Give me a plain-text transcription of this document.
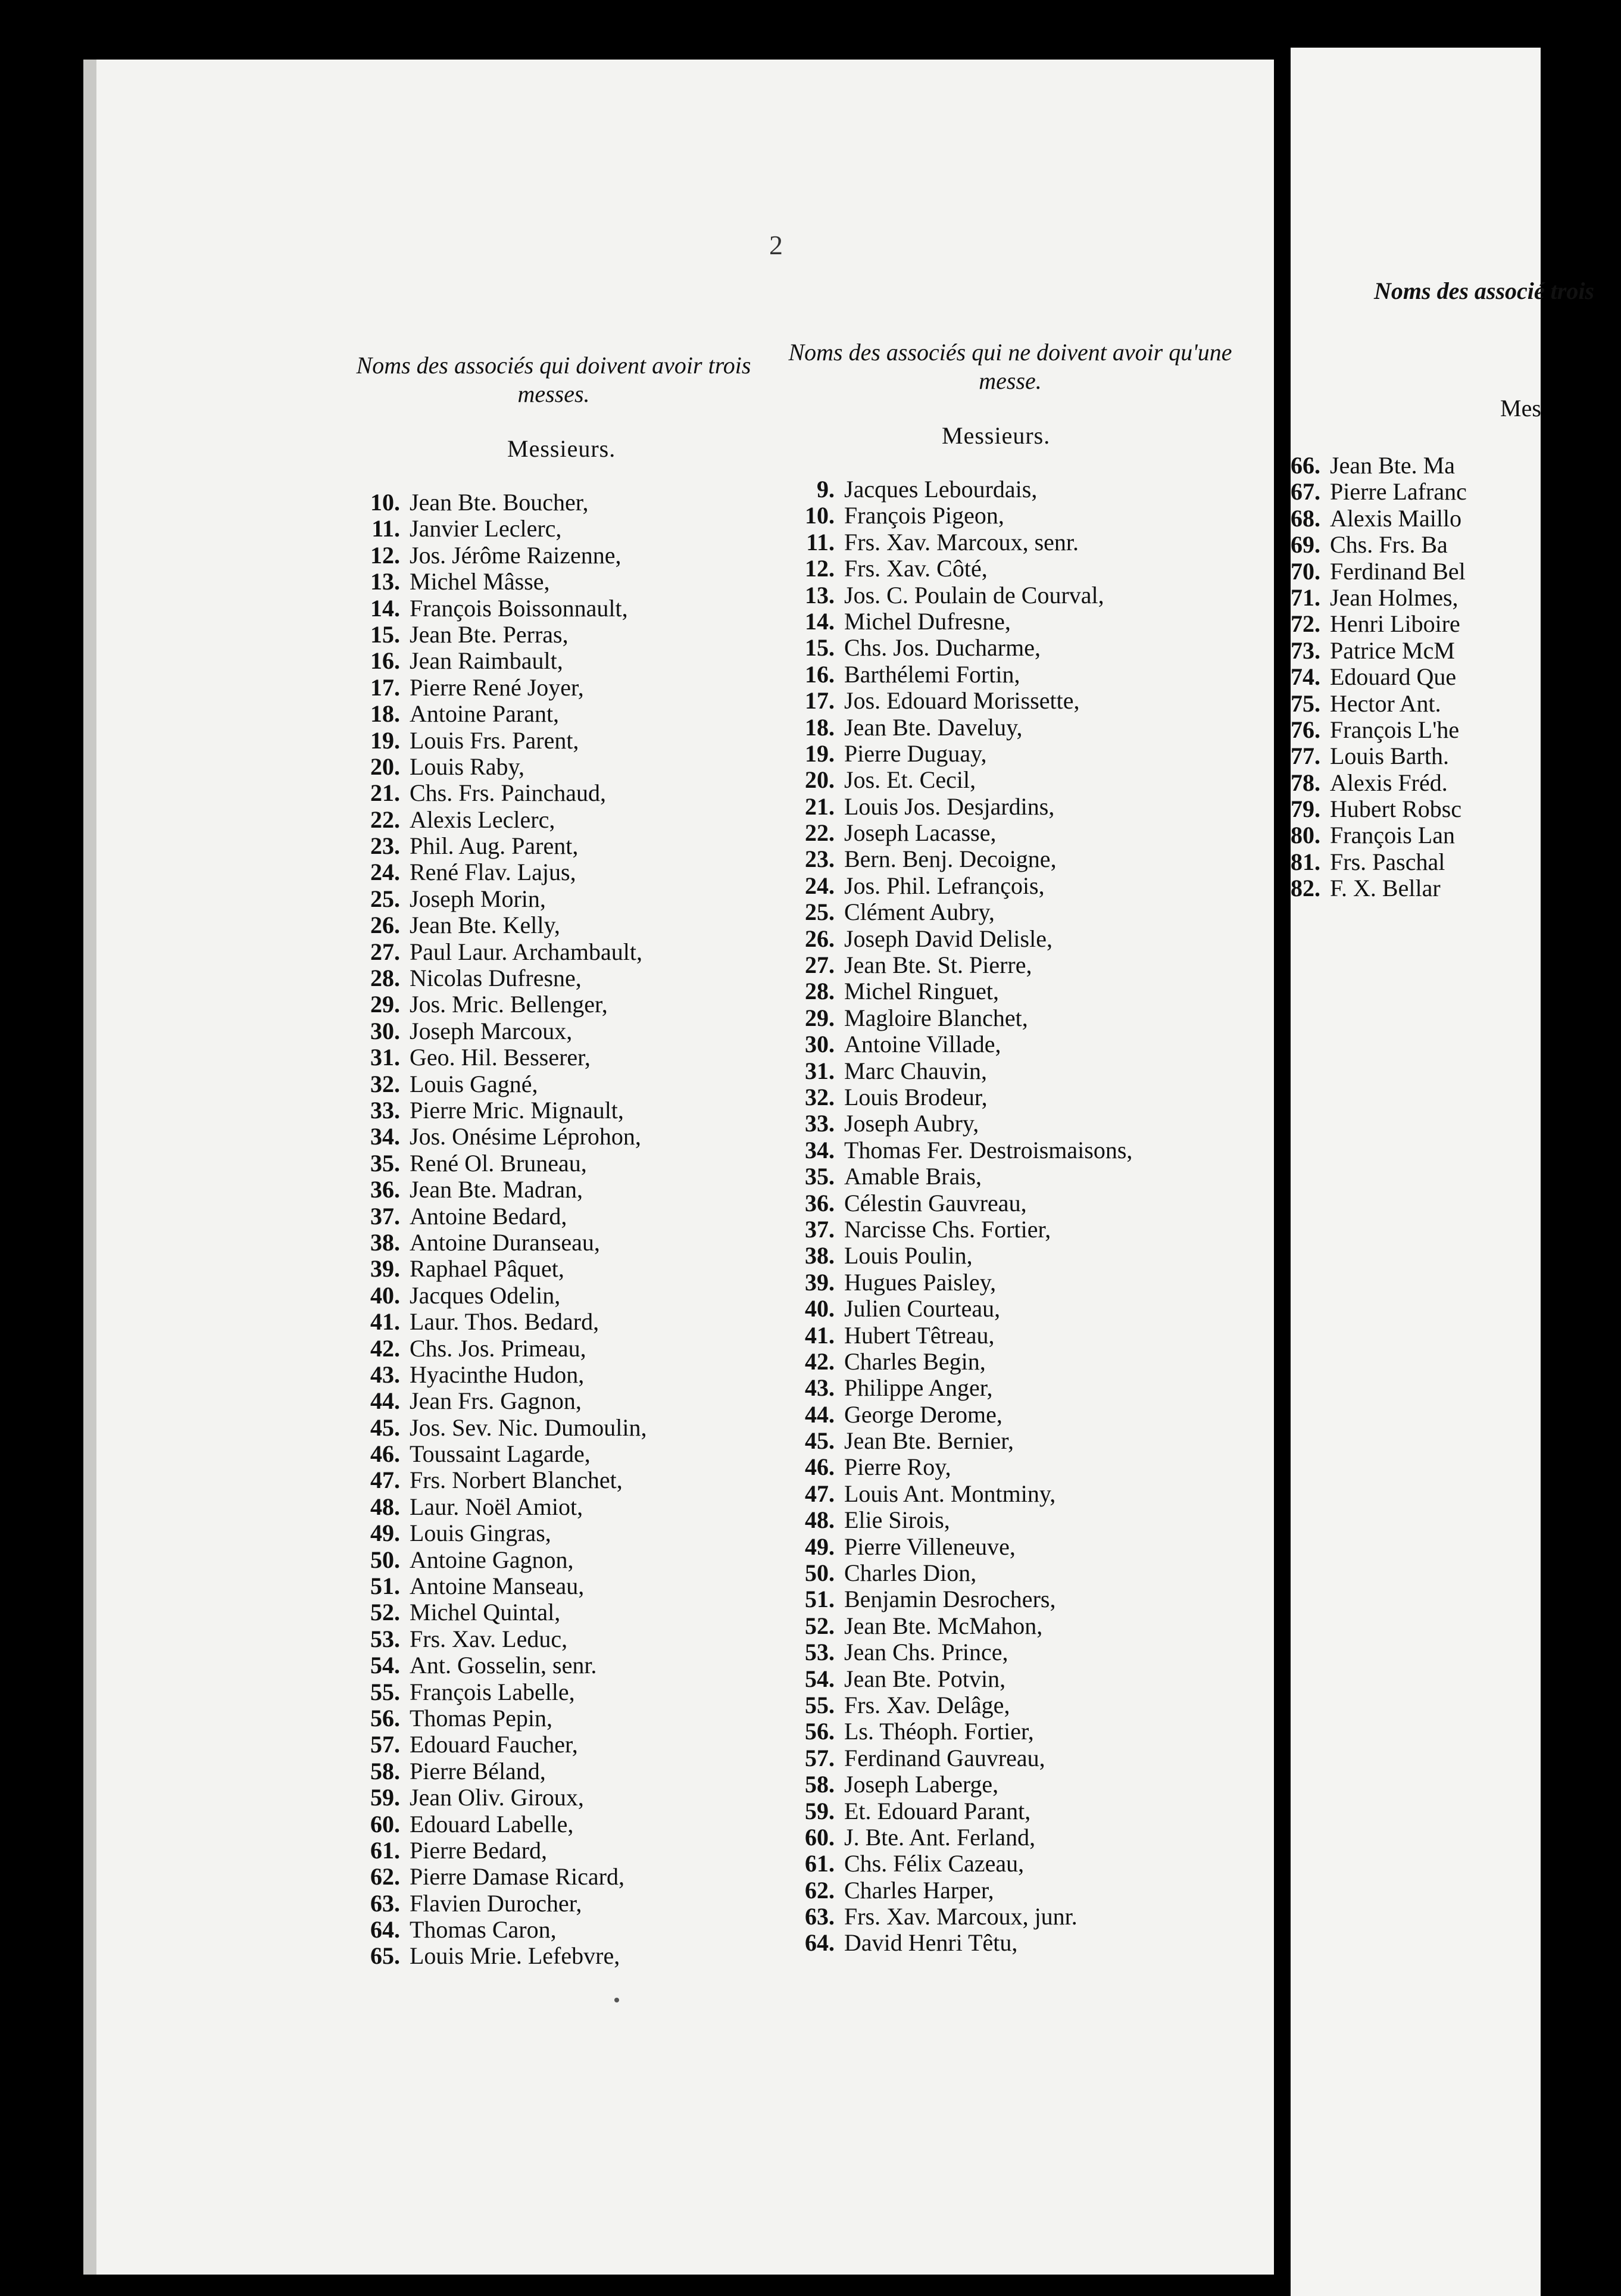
2
Noms des associés qui doivent avoir trois messes.
Messieurs.
10. Jean Bte. Boucher,
11. Janvier Leclerc,
12. Jos. Jérôme Raizenne,
13. Michel Mâsse,
14. François Boissonnault,
15. Jean Bte. Perras,
16. Jean Raimbault,
17. Pierre René Joyer,
18. Antoine Parant,
19. Louis Frs. Parent,
20. Louis Raby,
21. Chs. Frs. Painchaud,
22. Alexis Leclerc,
23. Phil. Aug. Parent,
24. René Flav. Lajus,
25. Joseph Morin,
26. Jean Bte. Kelly,
27. Paul Laur. Archambault,
28. Nicolas Dufresne,
29. Jos. Mric. Bellenger,
30. Joseph Marcoux,
31. Geo. Hil. Besserer,
32. Louis Gagné,
33. Pierre Mric. Mignault,
34. Jos. Onésime Léprohon,
35. René Ol. Bruneau,
36. Jean Bte. Madran,
37. Antoine Bedard,
38. Antoine Duranseau,
39. Raphael Pâquet,
40. Jacques Odelin,
41. Laur. Thos. Bedard,
42. Chs. Jos. Primeau,
43. Hyacinthe Hudon,
44. Jean Frs. Gagnon,
45. Jos. Sev. Nic. Dumoulin,
46. Toussaint Lagarde,
47. Frs. Norbert Blanchet,
48. Laur. Noël Amiot,
49. Louis Gingras,
50. Antoine Gagnon,
51. Antoine Manseau,
52. Michel Quintal,
53. Frs. Xav. Leduc,
54. Ant. Gosselin, senr.
55. François Labelle,
56. Thomas Pepin,
57. Edouard Faucher,
58. Pierre Béland,
59. Jean Oliv. Giroux,
60. Edouard Labelle,
61. Pierre Bedard,
62. Pierre Damase Ricard,
63. Flavien Durocher,
64. Thomas Caron,
65. Louis Mrie. Lefebvre,
Noms des associés qui ne doivent avoir qu'une messe.
Messieurs.
9. Jacques Lebourdais,
10. François Pigeon,
11. Frs. Xav. Marcoux, senr.
12. Frs. Xav. Côté,
13. Jos. C. Poulain de Courval,
14. Michel Dufresne,
15. Chs. Jos. Ducharme,
16. Barthélemi Fortin,
17. Jos. Edouard Morissette,
18. Jean Bte. Daveluy,
19. Pierre Duguay,
20. Jos. Et. Cecil,
21. Louis Jos. Desjardins,
22. Joseph Lacasse,
23. Bern. Benj. Decoigne,
24. Jos. Phil. Lefrançois,
25. Clément Aubry,
26. Joseph David Delisle,
27. Jean Bte. St. Pierre,
28. Michel Ringuet,
29. Magloire Blanchet,
30. Antoine Villade,
31. Marc Chauvin,
32. Louis Brodeur,
33. Joseph Aubry,
34. Thomas Fer. Destroismaisons,
35. Amable Brais,
36. Célestin Gauvreau,
37. Narcisse Chs. Fortier,
38. Louis Poulin,
39. Hugues Paisley,
40. Julien Courteau,
41. Hubert Têtreau,
42. Charles Begin,
43. Philippe Anger,
44. George Derome,
45. Jean Bte. Bernier,
46. Pierre Roy,
47. Louis Ant. Montminy,
48. Elie Sirois,
49. Pierre Villeneuve,
50. Charles Dion,
51. Benjamin Desrochers,
52. Jean Bte. McMahon,
53. Jean Chs. Prince,
54. Jean Bte. Potvin,
55. Frs. Xav. Delâge,
56. Ls. Théoph. Fortier,
57. Ferdinand Gauvreau,
58. Joseph Laberge,
59. Et. Edouard Parant,
60. J. Bte. Ant. Ferland,
61. Chs. Félix Cazeau,
62. Charles Harper,
63. Frs. Xav. Marcoux, junr.
64. David Henri Têtu,
Noms des associé trois
Mes
66. Jean Bte. Ma
67. Pierre Lafranc
68. Alexis Maillo
69. Chs. Frs. Ba
70. Ferdinand Bel
71. Jean Holmes,
72. Henri Liboire
73. Patrice McM
74. Edouard Que
75. Hector Ant.
76. François L'he
77. Louis Barth.
78. Alexis Fréd.
79. Hubert Robsc
80. François Lan
81. Frs. Paschal
82. F. X. Bellar
